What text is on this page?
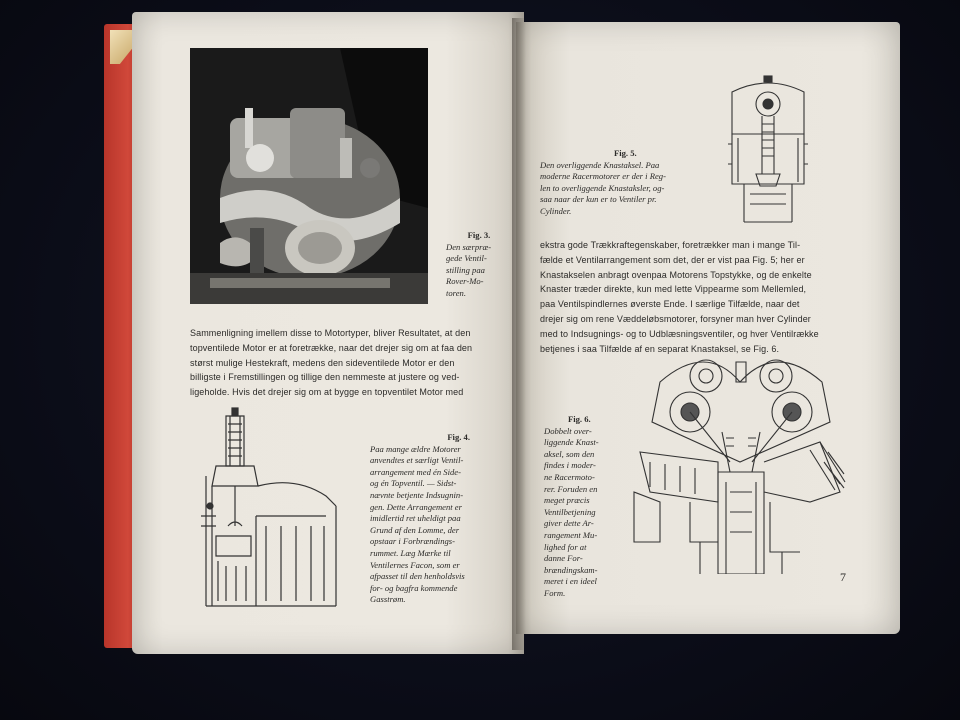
Fig. 3.
Den særpræ-
gede Ventil-
stilling paa
Rover-Mo-
toren.

Sammenligning imellem disse to Motortyper, bliver Resultatet, at den

topventilede Motor er at foretrække, naar det drejer sig om at faa den

størst mulige Hestekraft, medens den sideventilede Motor er den

billigste i Fremstillingen og tillige den nemmeste at justere og ved-

ligeholde. Hvis det drejer sig om at bygge en topventilet Motor med

Fig. 4.
Paa mange ældre Motorer
anvendtes et særligt Ventil-
arrangement med én Side-
og én Topventil. — Sidst-
nævnte betjente Indsugnin-
gen. Dette Arrangement er
imidlertid ret uheldigt paa
Grund af den Lomme, der
opstaar i Forbrændings-
rummet. Læg Mærke til
Ventilernes Facon, som er
afpasset til den henholdsvis
for- og bagfra kommende
Gasstrøm.
Fig. 5.
Den overliggende Knastaksel. Paa
moderne Racermotorer er der i Reg-
len to overliggende Knastaksler, og-
saa naar der kun er to Ventiler pr.
Cylinder.

ekstra gode Trækkraftegenskaber, foretrækker man i mange Til-

fælde et Ventilarrangement som det, der er vist paa Fig. 5; her er

Knastakselen anbragt ovenpaa Motorens Topstykke, og de enkelte

Knaster træder direkte, kun med lette Vippearme som Mellemled,

paa Ventilspindlernes øverste Ende. I særlige Tilfælde, naar det

drejer sig om rene Væddeløbsmotorer, forsyner man hver Cylinder

med to Indsugnings- og to Udblæsningsventiler, og hver Ventilrække

betjenes i saa Tilfælde af en separat Knastaksel, se Fig. 6.

Fig. 6.
Dobbelt over-
liggende Knast-
aksel, som den
findes i moder-
ne Racermoto-
rer. Foruden en
meget præcis
Ventilbetjening
giver dette Ar-
rangement Mu-
lighed for at
danne For-
brændingskam-
meret i en ideel
Form.
7
